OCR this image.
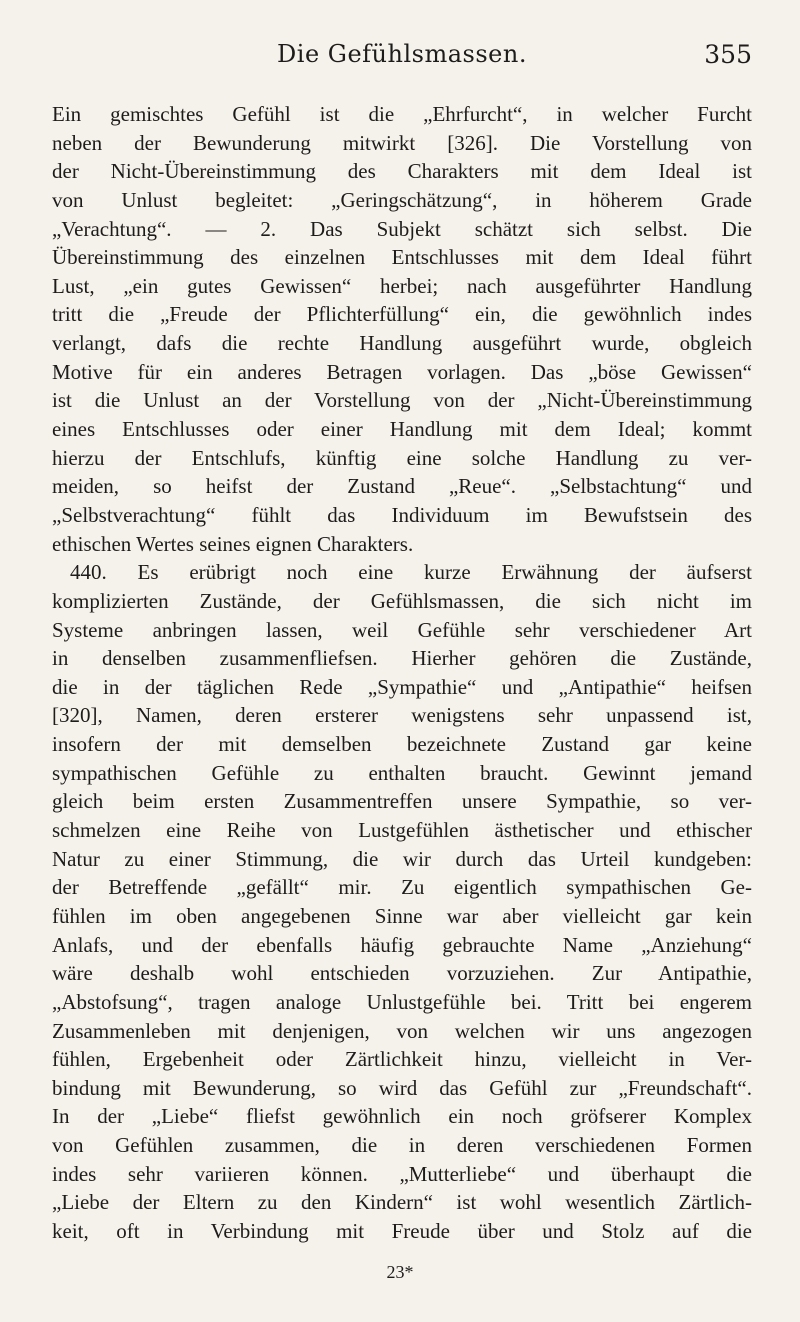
Die Gefühlsmassen.	355
Ein gemischtes Gefühl ist die „Ehrfurcht“, in welcher Furcht
neben der Bewunderung mitwirkt [326]. Die Vorstellung von
der Nicht-Übereinstimmung des Charakters mit dem Ideal ist
von Unlust begleitet: „Geringschätzung“, in höherem Grade
„Verachtung“. — 2. Das Subjekt schätzt sich selbst. Die
Übereinstimmung des einzelnen Entschlusses mit dem Ideal führt
Lust, „ein gutes Gewissen“ herbei; nach ausgeführter Handlung
tritt die „Freude der Pflichterfüllung“ ein, die gewöhnlich indes
verlangt, dafs die rechte Handlung ausgeführt wurde, obgleich
Motive für ein anderes Betragen vorlagen. Das „böse Gewissen“
ist die Unlust an der Vorstellung von der „Nicht-Übereinstimmung
eines Entschlusses oder einer Handlung mit dem Ideal; kommt
hierzu der Entschlufs, künftig eine solche Handlung zu ver-
meiden, so heifst der Zustand „Reue“. „Selbstachtung“ und
„Selbstverachtung“ fühlt das Individuum im Bewufstsein des
ethischen Wertes seines eignen Charakters.
440. Es erübrigt noch eine kurze Erwähnung der äufserst
komplizierten Zustände, der Gefühlsmassen, die sich nicht im
Systeme anbringen lassen, weil Gefühle sehr verschiedener Art
in denselben zusammenfliefsen. Hierher gehören die Zustände,
die in der täglichen Rede „Sympathie“ und „Antipathie“ heifsen
[320], Namen, deren ersterer wenigstens sehr unpassend ist,
insofern der mit demselben bezeichnete Zustand gar keine
sympathischen Gefühle zu enthalten braucht. Gewinnt jemand
gleich beim ersten Zusammentreffen unsere Sympathie, so ver-
schmelzen eine Reihe von Lustgefühlen ästhetischer und ethischer
Natur zu einer Stimmung, die wir durch das Urteil kundgeben:
der Betreffende „gefällt“ mir. Zu eigentlich sympathischen Ge-
fühlen im oben angegebenen Sinne war aber vielleicht gar kein
Anlafs, und der ebenfalls häufig gebrauchte Name „Anziehung“
wäre deshalb wohl entschieden vorzuziehen. Zur Antipathie,
„Abstofsung“, tragen analoge Unlustgefühle bei. Tritt bei engerem
Zusammenleben mit denjenigen, von welchen wir uns angezogen
fühlen, Ergebenheit oder Zärtlichkeit hinzu, vielleicht in Ver-
bindung mit Bewunderung, so wird das Gefühl zur „Freundschaft“.
In der „Liebe“ fliefst gewöhnlich ein noch gröfserer Komplex
von Gefühlen zusammen, die in deren verschiedenen Formen
indes sehr variieren können. „Mutterliebe“ und überhaupt die
„Liebe der Eltern zu den Kindern“ ist wohl wesentlich Zärtlich-
keit, oft in Verbindung mit Freude über und Stolz auf die
23*
